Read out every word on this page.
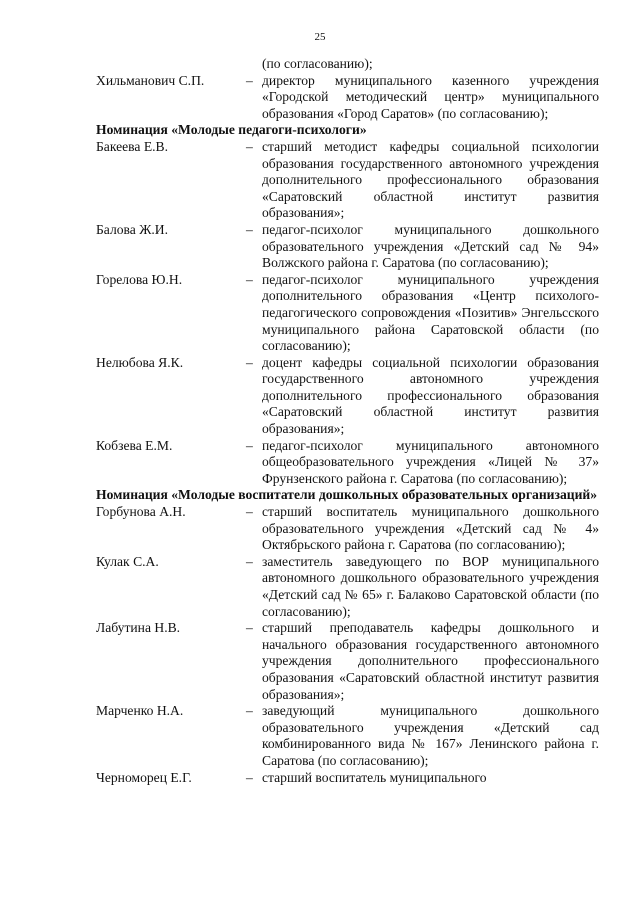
25
(по согласованию);
Хильманович С.П.	– директор муниципального казенного учреждения «Городской методический центр» муниципального образования «Город Саратов» (по согласованию);
Номинация «Молодые педагоги-психологи»
Бакеева Е.В.	– старший методист кафедры социальной психологии образования государственного автономного учреждения дополнительного профессионального образования «Саратовский областной институт развития образования»;
Балова Ж.И.	– педагог-психолог муниципального дошкольного образовательного учреждения «Детский сад № 94» Волжского района г. Саратова (по согласованию);
Горелова Ю.Н.	– педагог-психолог муниципального учреждения дополнительного образования «Центр психолого-педагогического сопровождения «Позитив» Энгельсского муниципального района Саратовской области (по согласованию);
Нелюбова Я.К.	– доцент кафедры социальной психологии образования государственного автономного учреждения дополнительного профессионального образования «Саратовский областной институт развития образования»;
Кобзева Е.М.	– педагог-психолог муниципального автономного общеобразовательного учреждения «Лицей № 37» Фрунзенского района г. Саратова (по согласованию);
Номинация «Молодые воспитатели дошкольных образовательных организаций»
Горбунова А.Н.	– старший воспитатель муниципального дошкольного образовательного учреждения «Детский сад № 4» Октябрьского района г. Саратова (по согласованию);
Кулак С.А.	– заместитель заведующего по ВОР муниципального автономного дошкольного образовательного учреждения «Детский сад № 65» г. Балаково Саратовской области (по согласованию);
Лабутина Н.В.	– старший преподаватель кафедры дошкольного и начального образования государственного автономного учреждения дополнительного профессионального образования «Саратовский областной институт развития образования»;
Марченко Н.А.	– заведующий муниципального дошкольного образовательного учреждения «Детский сад комбинированного вида № 167» Ленинского района г. Саратова (по согласованию);
Черноморец Е.Г.	– старший воспитатель муниципального
